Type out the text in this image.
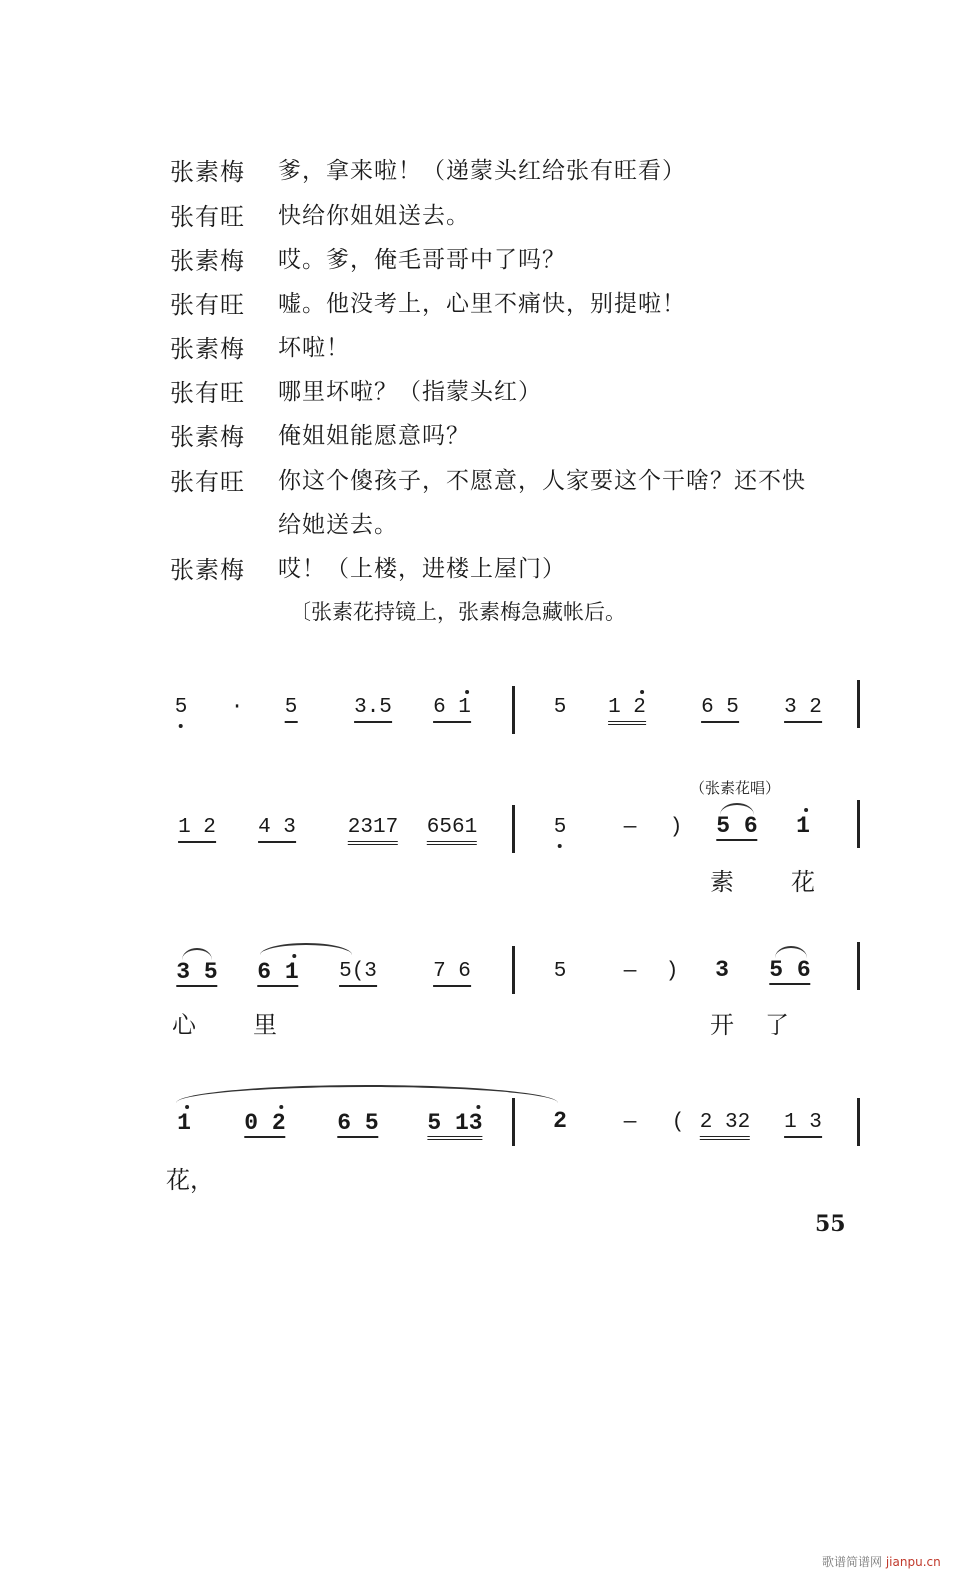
张素梅 爹，拿来啦！（递蒙头红给张有旺看）
张有旺 快给你姐姐送去。
张素梅 哎。爹，俺毛哥哥中了吗？
张有旺 嘘。他没考上，心里不痛快，别提啦！
张素梅 坏啦！
张有旺 哪里坏啦？（指蒙头红）
张素梅 俺姐姐能愿意吗？
张有旺 你这个傻孩子，不愿意，人家要这个干啥？还不快
给她送去。
张素梅 哎！（上楼，进楼上屋门）
〔张素花持镜上，张素梅急藏帐后。
5 · 5	3.5 6 1	5 1 2	6 5 3 2
（张素花唱）
1 2 4 3 2317 6561	5	— ) 5 6 1
素 花
3 5 6 1 5(3	7 6	5	— ) 3 5 6
心 里	开 了
1 0 2 6 5 5 13	2	— ( 2 32 1 3
花，
55
歌谱简谱网 jianpu.cn
